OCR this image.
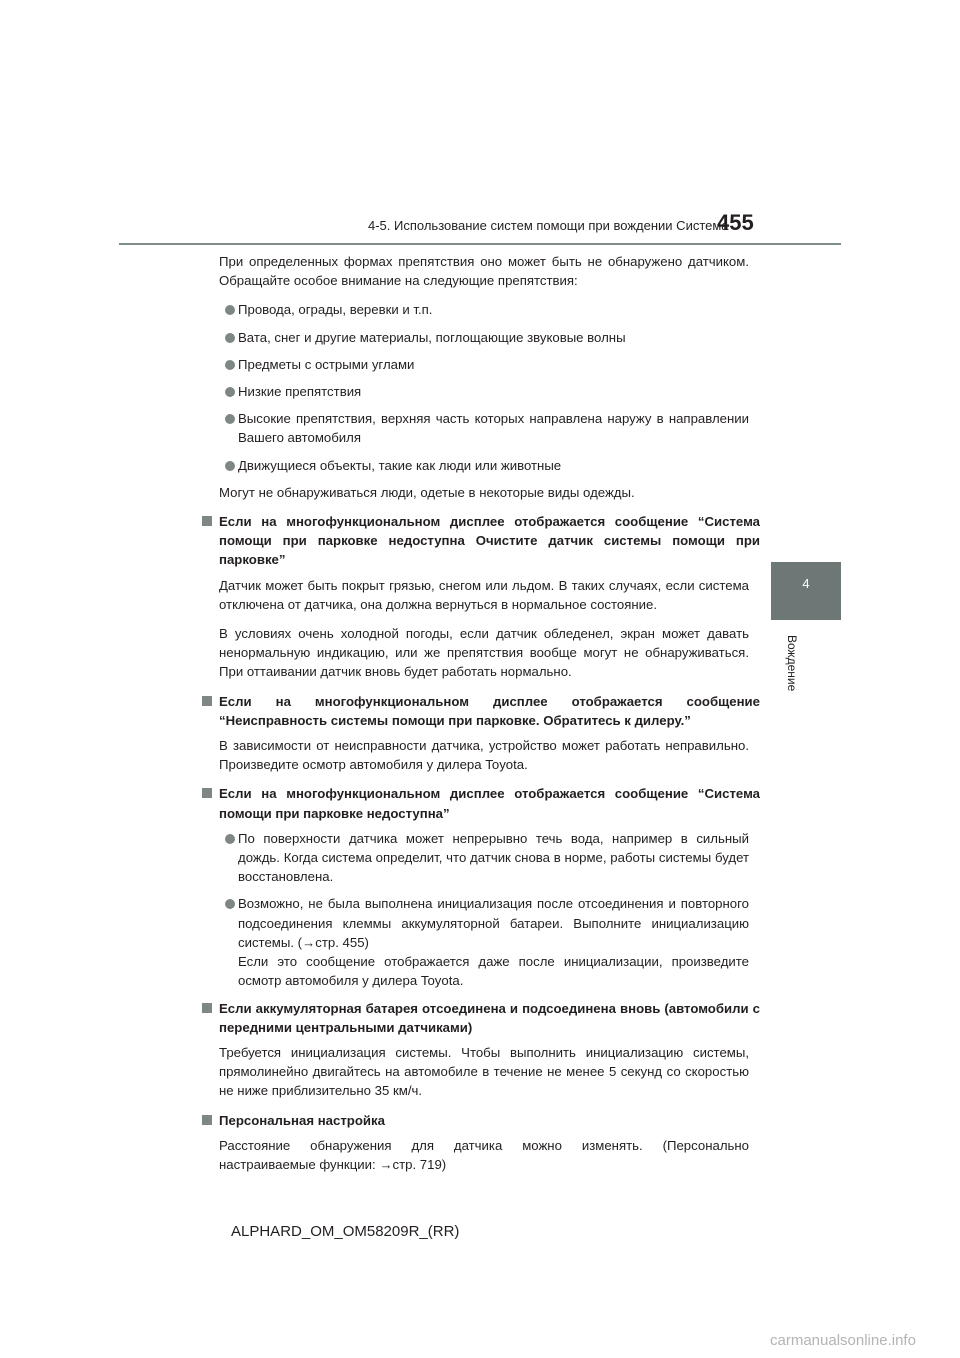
4-5. Использование систем помощи при вождении Система
455
4
Вождение

При определенных формах препятствия оно может быть не обнаружено датчиком. Обращайте особое внимание на следующие препятствия:

Провода, ограды, веревки и т.п.
Вата, снег и другие материалы, поглощающие звуковые волны
Предметы с острыми углами
Низкие препятствия
Высокие препятствия, верхняя часть которых направлена наружу в направлении Вашего автомобиля
Движущиеся объекты, такие как люди или животные

Могут не обнаруживаться люди, одетые в некоторые виды одежды.

Если на многофункциональном дисплее отображается сообщение “Система помощи при парковке недоступна Очистите датчик системы помощи при парковке”

Датчик может быть покрыт грязью, снегом или льдом. В таких случаях, если система отключена от датчика, она должна вернуться в нормальное состояние.

В условиях очень холодной погоды, если датчик обледенел, экран может давать ненормальную индикацию, или же препятствия вообще могут не обнаруживаться. При оттаивании датчик вновь будет работать нормально.

Если на многофункциональном дисплее отображается сообщение “Неисправность системы помощи при парковке. Обратитесь к дилеру.”

В зависимости от неисправности датчика, устройство может работать неправильно. Произведите осмотр автомобиля у дилера Toyota.

Если на многофункциональном дисплее отображается сообщение “Система помощи при парковке недоступна”
По поверхности датчика может непрерывно течь вода, например в сильный дождь. Когда система определит, что датчик снова в норме, работы системы будет восстановлена.
Возможно, не была выполнена инициализация после отсоединения и повторного подсоединения клеммы аккумуляторной батареи. Выполните инициализацию системы. (→стр. 455)
Если это сообщение отображается даже после инициализации, произведите осмотр автомобиля у дилера Toyota.
Если аккумуляторная батарея отсоединена и подсоединена вновь (автомобили с передними центральными датчиками)

Требуется инициализация системы. Чтобы выполнить инициализацию системы, прямолинейно двигайтесь на автомобиле в течение не менее 5 секунд со скоростью не ниже приблизительно 35 км/ч.

Персональная настройка

Расстояние обнаружения для датчика можно изменять. (Персонально настраиваемые функции: →стр. 719)

ALPHARD_OM_OM58209R_(RR)
carmanualsonline.info
